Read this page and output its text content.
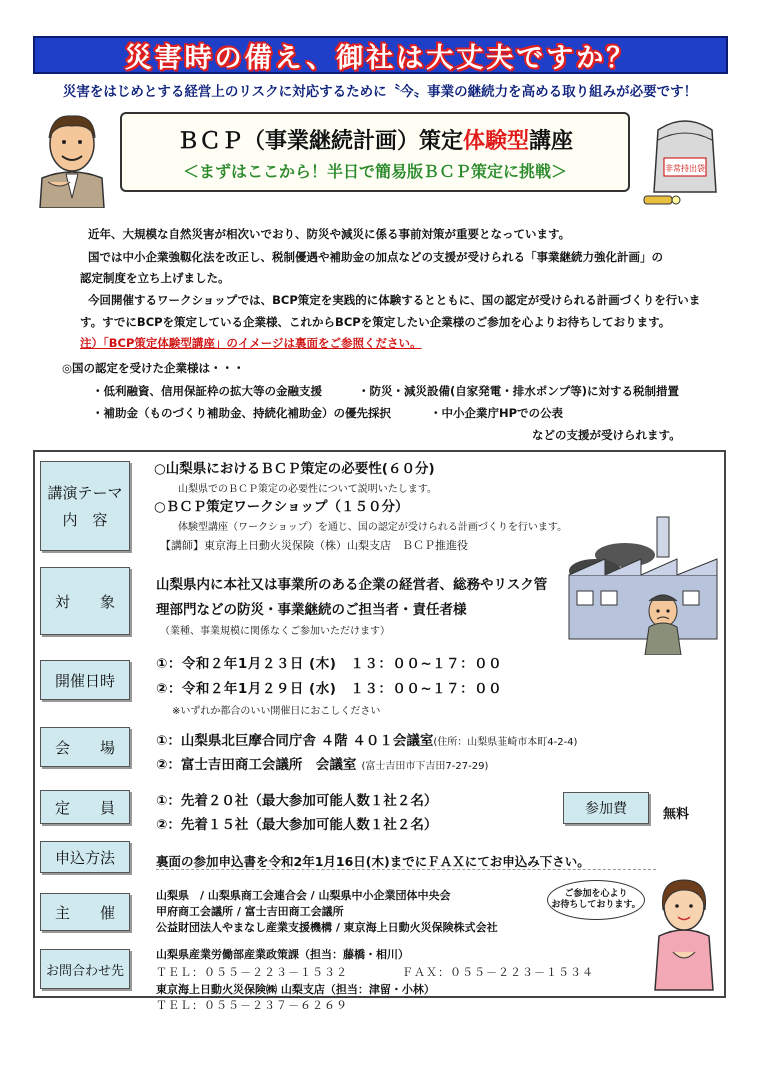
災害時の備え、御社は大丈夫ですか？
災害をはじめとする経営上のリスクに対応するために〝今〟事業の継続力を高める取り組みが必要です！
ＢＣＰ（事業継続計画）策定体験型講座
＜まずはここから！半日で簡易版ＢＣＰ策定に挑戦＞	非常持出袋
近年、大規模な自然災害が相次いでおり、防災や減災に係る事前対策が重要となっています。
国では中小企業強靱化法を改正し、税制優遇や補助金の加点などの支援が受けられる「事業継続力強化計画」の
認定制度を立ち上げました。
今回開催するワークショップでは、BCP策定を実践的に体験するとともに、国の認定が受けられる計画づくりを行いま
す。すでにBCPを策定している企業様、これからBCPを策定したい企業様のご参加を心よりお待ちしております。
注）「BCP策定体験型講座」のイメージは裏面をご参照ください。
◎国の認定を受けた企業様は・・・
・低利融資、信用保証枠の拡大等の金融支援	・防災・減災設備(自家発電・排水ポンプ等)に対する税制措置
・補助金（ものづくり補助金、持続化補助金）の優先採択	・中小企業庁HPでの公表
などの支援が受けられます。
講演テーマ
内　容
○山梨県におけるＢＣＰ策定の必要性(６０分)
山梨県でのＢＣＰ策定の必要性について説明いたします。
○ＢＣＰ策定ワークショップ（１５０分）
体験型講座（ワークショップ）を通じ、国の認定が受けられる計画づくりを行います。
【講師】東京海上日動火災保険（株）山梨支店　ＢＣＰ推進役
対　　象
山梨県内に本社又は事業所のある企業の経営者、総務やリスク管
理部門などの防災・事業継続のご担当者・責任者様
（業種、事業規模に関係なくご参加いただけます）
開催日時
①：令和２年1月２３日 (木)　１３：００~１７：００
②：令和２年1月２９日 (水)　１３：００~１７：００
※いずれか都合のいい開催日におこしください
会　　場	①：山梨県北巨摩合同庁舎 ４階 ４０１会議室(住所：山梨県韮崎市本町4-2-4)
②：富士吉田商工会議所　会議室 (富士吉田市下吉田7-27-29)
定　　員	①：先着２０社（最大参加可能人数１社２名）
②：先着１５社（最大参加可能人数１社２名）
参加費	無料
申込方法	裏面の参加申込書を令和2年1月16日(木)までにＦＡＸにてお申込み下さい。
主　　催
山梨県　/ 山梨県商工会連合会 / 山梨県中小企業団体中央会
甲府商工会議所 / 富士吉田商工会議所
公益財団法人やまなし産業支援機構 / 東京海上日動火災保険株式会社
ご参加を心より
お待ちしております。
お問合わせ先
山梨県産業労働部産業政策課（担当：藤橋・相川）
ＴＥＬ：０５５－２２３－１５３２	ＦＡＸ：０５５－２２３－１５３４
東京海上日動火災保険㈱ 山梨支店（担当：津留・小林）
ＴＥＬ：０５５－２３７－６２６９
